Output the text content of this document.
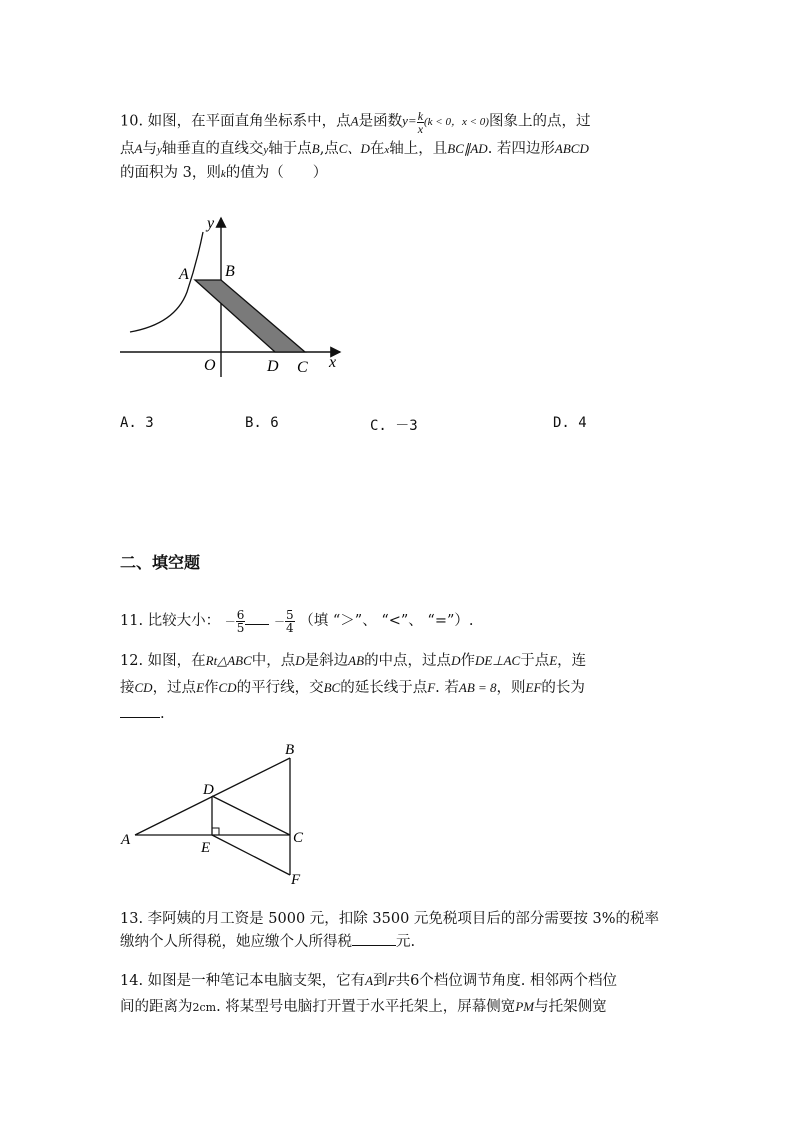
10. 如图，在平面直角坐标系中，点A是函数$y= \frac{k}{x} (k < 0$，x < 0)图象上的点，过
点A与y轴垂直的直线交y轴于点B,点C、D在x轴上，且BC∥AD. 若四边形ABCD
的面积为 3，则k的值为（　　）
y
x
A B
O	D C
A. 3	B. 6	C. －3	D. 4
二、填空题
11. 比较大小： － $\frac{6}{5}$	－ $\frac{5}{4}$ （填 “＞”、 “<”、 “=”）.
12. 如图，在Rt△ABC中，点D是斜边AB的中点，过点D作DE⊥AC于点E，连
接CD，过点E作CD的平行线，交BC的延长线于点F. 若AB = 8，则EF的长为
.
A
B
C
D
E
F
13. 李阿姨的月工资是 5000 元，扣除 3500 元免税项目后的部分需要按 3%的税率
缴纳个人所得税，她应缴个人所得税	元.
14. 如图是一种笔记本电脑支架，它有A到F共6个档位调节角度. 相邻两个档位
间的距离为2cm. 将某型号电脑打开置于水平托架上，屏幕侧宽PM与托架侧宽
